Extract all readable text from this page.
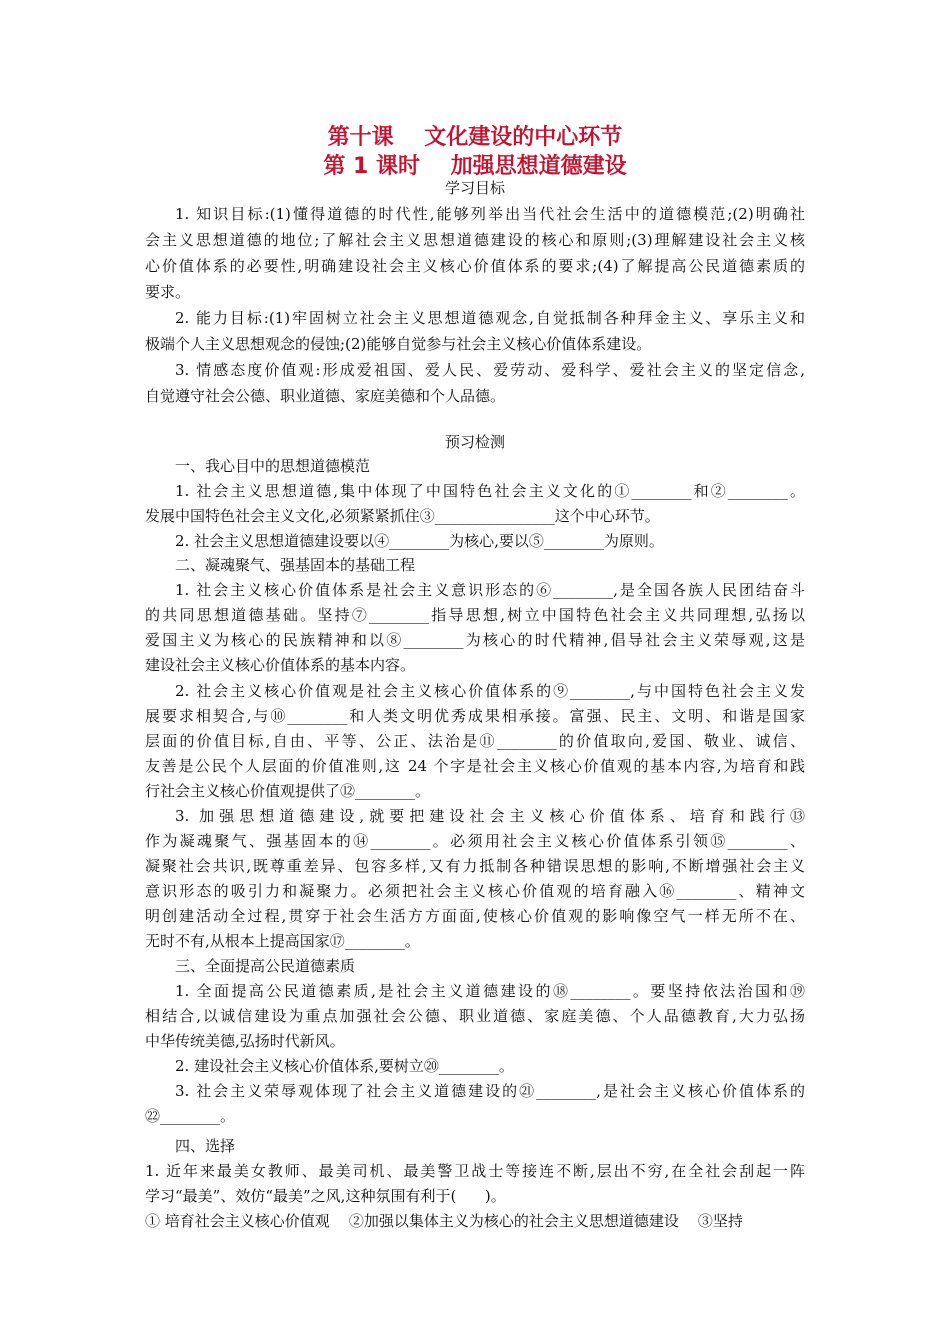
第十课    文化建设的中心环节
第 1 课时    加强思想道德建设
学习目标
1. 知识目标:(1)懂得道德的时代性,能够列举出当代社会生活中的道德模范;(2)明确社
会主义思想道德的地位;了解社会主义思想道德建设的核心和原则;(3)理解建设社会主义核
心价值体系的必要性,明确建设社会主义核心价值体系的要求;(4)了解提高公民道德素质的
要求。
2. 能力目标:(1)牢固树立社会主义思想道德观念,自觉抵制各种拜金主义、享乐主义和
极端个人主义思想观念的侵蚀;(2)能够自觉参与社会主义核心价值体系建设。
3. 情感态度价值观:形成爱祖国、爱人民、爱劳动、爱科学、爱社会主义的坚定信念,
自觉遵守社会公德、职业道德、家庭美德和个人品德。
预习检测
一、我心目中的思想道德模范
1. 社会主义思想道德,集中体现了中国特色社会主义文化的①________和②________。
发展中国特色社会主义文化,必须紧紧抓住③________________这个中心环节。
2. 社会主义思想道德建设要以④________为核心,要以⑤________为原则。
二、凝魂聚气、强基固本的基础工程
1. 社会主义核心价值体系是社会主义意识形态的⑥________,是全国各族人民团结奋斗
的共同思想道德基础。坚持⑦________指导思想,树立中国特色社会主义共同理想,弘扬以
爱国主义为核心的民族精神和以⑧________为核心的时代精神,倡导社会主义荣辱观,这是
建设社会主义核心价值体系的基本内容。
2. 社会主义核心价值观是社会主义核心价值体系的⑨________,与中国特色社会主义发
展要求相契合,与⑩________和人类文明优秀成果相承接。富强、民主、文明、和谐是国家
层面的价值目标,自由、平等、公正、法治是⑪________的价值取向,爱国、敬业、诚信、
友善是公民个人层面的价值准则,这 24 个字是社会主义核心价值观的基本内容,为培育和践
行社会主义核心价值观提供了⑫________。
3. 加强思想道德建设,就要把建设社会主义核心价值体系、培育和践行⑬
作为凝魂聚气、强基固本的⑭________。必须用社会主义核心价值体系引领⑮________、
凝聚社会共识,既尊重差异、包容多样,又有力抵制各种错误思想的影响,不断增强社会主义
意识形态的吸引力和凝聚力。必须把社会主义核心价值观的培育融入⑯________、精神文
明创建活动全过程,贯穿于社会生活方方面面,使核心价值观的影响像空气一样无所不在、
无时不有,从根本上提高国家⑰________。
三、全面提高公民道德素质
1. 全面提高公民道德素质,是社会主义道德建设的⑱________。要坚持依法治国和⑲
相结合,以诚信建设为重点加强社会公德、职业道德、家庭美德、个人品德教育,大力弘扬
中华传统美德,弘扬时代新风。
2. 建设社会主义核心价值体系,要树立⑳________。
3. 社会主义荣辱观体现了社会主义道德建设的㉑________,是社会主义核心价值体系的
㉒________。
四、选择
1. 近年来最美女教师、最美司机、最美警卫战士等接连不断,层出不穷,在全社会刮起一阵
学习“最美”、效仿“最美”之风,这种氛围有利于(      )。
① 培育社会主义核心价值观    ②加强以集体主义为核心的社会主义思想道德建设    ③坚持
